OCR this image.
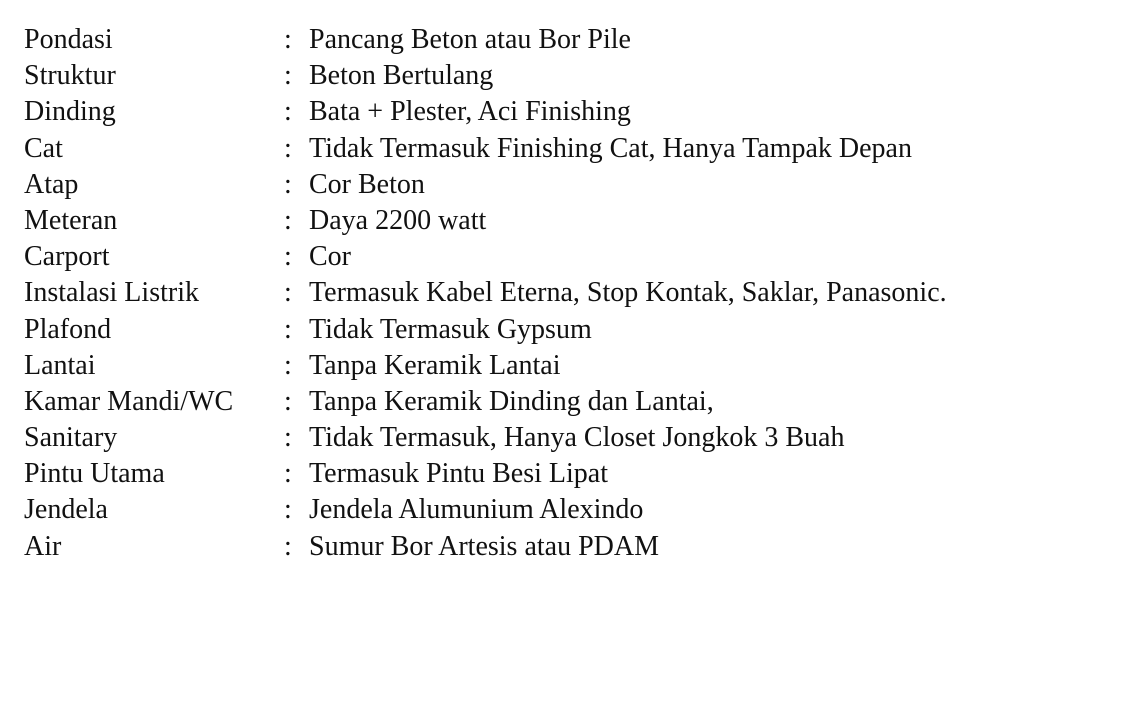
Pondasi	: Pancang Beton atau Bor Pile
Struktur	: Beton Bertulang
Dinding	: Bata + Plester, Aci Finishing
Cat	: Tidak Termasuk Finishing Cat, Hanya Tampak Depan
Atap	: Cor Beton
Meteran	: Daya 2200 watt
Carport	: Cor
Instalasi Listrik	: Termasuk Kabel Eterna, Stop Kontak, Saklar, Panasonic.
Plafond	: Tidak Termasuk Gypsum
Lantai	: Tanpa Keramik Lantai
Kamar Mandi/WC	: Tanpa Keramik Dinding dan Lantai,
Sanitary	: Tidak Termasuk, Hanya Closet Jongkok 3 Buah
Pintu Utama	: Termasuk Pintu Besi Lipat
Jendela	: Jendela Alumunium Alexindo
Air	: Sumur Bor Artesis atau PDAM
